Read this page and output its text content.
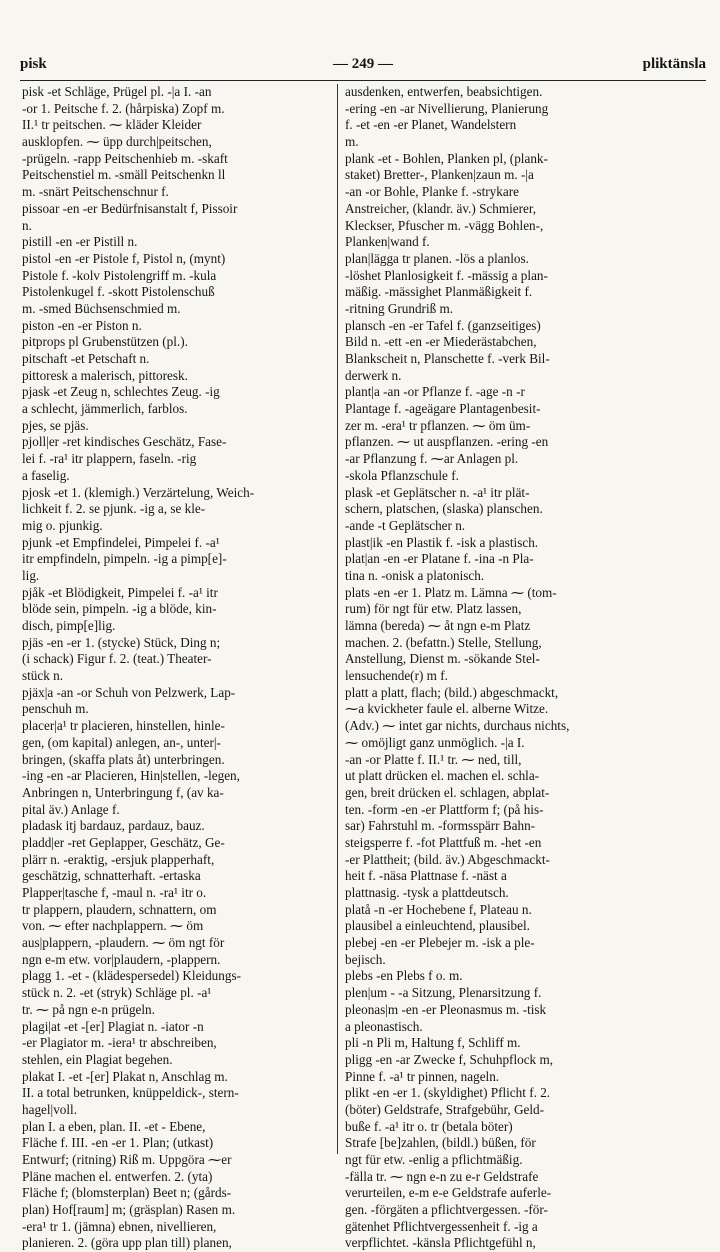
pisk	— 249 —	pliktänsla
pisk -et Schläge, Prügel pl. -|a I. -an
-or 1. Peitsche f. 2. (hårpiska) Zopf m.
II.¹ tr peitschen. ⁓ kläder Kleider
ausklopfen. ⁓ üpp durch|peitschen,
-prügeln. -rapp Peitschenhieb m. -skaft
Peitschenstiel m. -smäll Peitschenkn ll
m. -snärt Peitschenschnur f.
pissoar -en -er Bedürfnisanstalt f, Pissoir
n.
pistill -en -er Pistill n.
pistol -en -er Pistole f, Pistol n, (mynt)
Pistole f. -kolv Pistolengriff m. -kula
Pistolenkugel f. -skott Pistolenschuß
m. -smed Büchsenschmied m.
piston -en -er Piston n.
pitprops pl Grubenstützen (pl.).
pitschaft -et Petschaft n.
pittoresk a malerisch, pittoresk.
pjask -et Zeug n, schlechtes Zeug. -ig
a schlecht, jämmerlich, farblos.
pjes, se pjäs.
pjoll|er -ret kindisches Geschätz, Fase-
lei f. -ra¹ itr plappern, faseln. -rig
a faselig.
pjosk -et 1. (klemigh.) Verzärtelung, Weich-
lichkeit f. 2. se pjunk. -ig a, se kle-
mig o. pjunkig.
pjunk -et Empfindelei, Pimpelei f. -a¹
itr empfindeln, pimpeln. -ig a pimp[e]-
lig.
pjåk -et Blödigkeit, Pimpelei f. -a¹ itr
blöde sein, pimpeln. -ig a blöde, kin-
disch, pimp[e]lig.
pjäs -en -er 1. (stycke) Stück, Ding n;
(i schack) Figur f. 2. (teat.) Theater-
stück n.
pjäx|a -an -or Schuh von Pelzwerk, Lap-
penschuh m.
placer|a¹ tr placieren, hinstellen, hinle-
gen, (om kapital) anlegen, an-, unter|-
bringen, (skaffa plats åt) unterbringen.
-ing -en -ar Placieren, Hin|stellen, -legen,
Anbringen n, Unterbringung f, (av ka-
pital äv.) Anlage f.
pladask itj bardauz, pardauz, bauz.
pladd|er -ret Geplapper, Geschätz, Ge-
plärr n. -eraktig, -ersjuk plapperhaft,
geschätzig, schnatterhaft. -ertaska
Plapper|tasche f, -maul n. -ra¹ itr o.
tr plappern, plaudern, schnattern, om
von. ⁓ efter nachplappern. ⁓ öm
aus|plappern, -plaudern. ⁓ öm ngt för
ngn e-m etw. vor|plaudern, -plappern.
plagg 1. -et - (klädespersedel) Kleidungs-
stück n. 2. -et (stryk) Schläge pl. -a¹
tr. ⁓ på ngn e-n prügeln.
plagi|at -et -[er] Plagiat n. -iator -n
-er Plagiator m. -iera¹ tr abschreiben,
stehlen, ein Plagiat begehen.
plakat I. -et -[er] Plakat n, Anschlag m.
II. a total betrunken, knüppeldick-, stern-
hagel|voll.
plan I. a eben, plan. II. -et - Ebene,
Fläche f. III. -en -er 1. Plan; (utkast)
Entwurf; (ritning) Riß m. Uppgöra ⁓er
Pläne machen el. entwerfen. 2. (yta)
Fläche f; (blomsterplan) Beet n; (gårds-
plan) Hof[raum] m; (gräsplan) Rasen m.
-era¹ tr 1. (jämna) ebnen, nivellieren,
planieren. 2. (göra upp plan till) planen,
ausdenken, entwerfen, beabsichtigen.
-ering -en -ar Nivellierung, Planierung
f. -et -en -er Planet, Wandelstern
m.
plank -et - Bohlen, Planken pl, (plank-
staket) Bretter-, Planken|zaun m. -|a
-an -or Bohle, Planke f. -strykare
Anstreicher, (klandr. äv.) Schmierer,
Kleckser, Pfuscher m. -vägg Bohlen-,
Planken|wand f.
plan|lägga tr planen. -lös a planlos.
-löshet Planlosigkeit f. -mässig a plan-
mäßig. -mässighet Planmäßigkeit f.
-ritning Grundriß m.
plansch -en -er Tafel f. (ganzseitiges)
Bild n. -ett -en -er Miederästabchen,
Blankscheit n, Planschette f. -verk Bil-
derwerk n.
plant|a -an -or Pflanze f. -age -n -r
Plantage f. -ageägare Plantagenbesit-
zer m. -era¹ tr pflanzen. ⁓ öm üm-
pflanzen. ⁓ ut auspflanzen. -ering -en
-ar Pflanzung f. ⁓ar Anlagen pl.
-skola Pflanzschule f.
plask -et Geplätscher n. -a¹ itr plät-
schern, platschen, (slaska) planschen.
-ande -t Geplätscher n.
plast|ik -en Plastik f. -isk a plastisch.
plat|an -en -er Platane f. -ina -n Pla-
tina n. -onisk a platonisch.
plats -en -er 1. Platz m. Lämna ⁓ (tom-
rum) för ngt für etw. Platz lassen,
lämna (bereda) ⁓ åt ngn e-m Platz
machen. 2. (befattn.) Stelle, Stellung,
Anstellung, Dienst m. -sökande Stel-
lensuchende(r) m f.
platt a platt, flach; (bild.) abgeschmackt,
⁓a kvickheter faule el. alberne Witze.
(Adv.) ⁓ intet gar nichts, durchaus nichts,
⁓ omöjligt ganz unmöglich. -|a I.
-an -or Platte f. II.¹ tr. ⁓ ned, till,
ut platt drücken el. machen el. schla-
gen, breit drücken el. schlagen, abplat-
ten. -form -en -er Plattform f; (på his-
sar) Fahrstuhl m. -formsspärr Bahn-
steigsperre f. -fot Plattfuß m. -het -en
-er Plattheit; (bild. äv.) Abgeschmackt-
heit f. -näsa Plattnase f. -näst a
plattnasig. -tysk a plattdeutsch.
platå -n -er Hochebene f, Plateau n.
plausibel a einleuchtend, plausibel.
plebej -en -er Plebejer m. -isk a ple-
bejisch.
plebs -en Plebs f o. m.
plen|um - -a Sitzung, Plenarsitzung f.
pleonas|m -en -er Pleonasmus m. -tisk
a pleonastisch.
pli -n Pli m, Haltung f, Schliff m.
pligg -en -ar Zwecke f, Schuhpflock m,
Pinne f. -a¹ tr pinnen, nageln.
plikt -en -er 1. (skyldighet) Pflicht f. 2.
(böter) Geldstrafe, Strafgebühr, Geld-
buße f. -a¹ itr o. tr (betala böter)
Strafe [be]zahlen, (bildl.) büßen, för
ngt für etw. -enlig a pflichtmäßig.
-fälla tr. ⁓ ngn e-n zu e-r Geldstrafe
verurteilen, e-m e-e Geldstrafe auferle-
gen. -förgäten a pflichtvergessen. -för-
gätenhet Pflichtvergessenheit f. -ig a
verpflichtet. -känsla Pflichtgefühl n,
